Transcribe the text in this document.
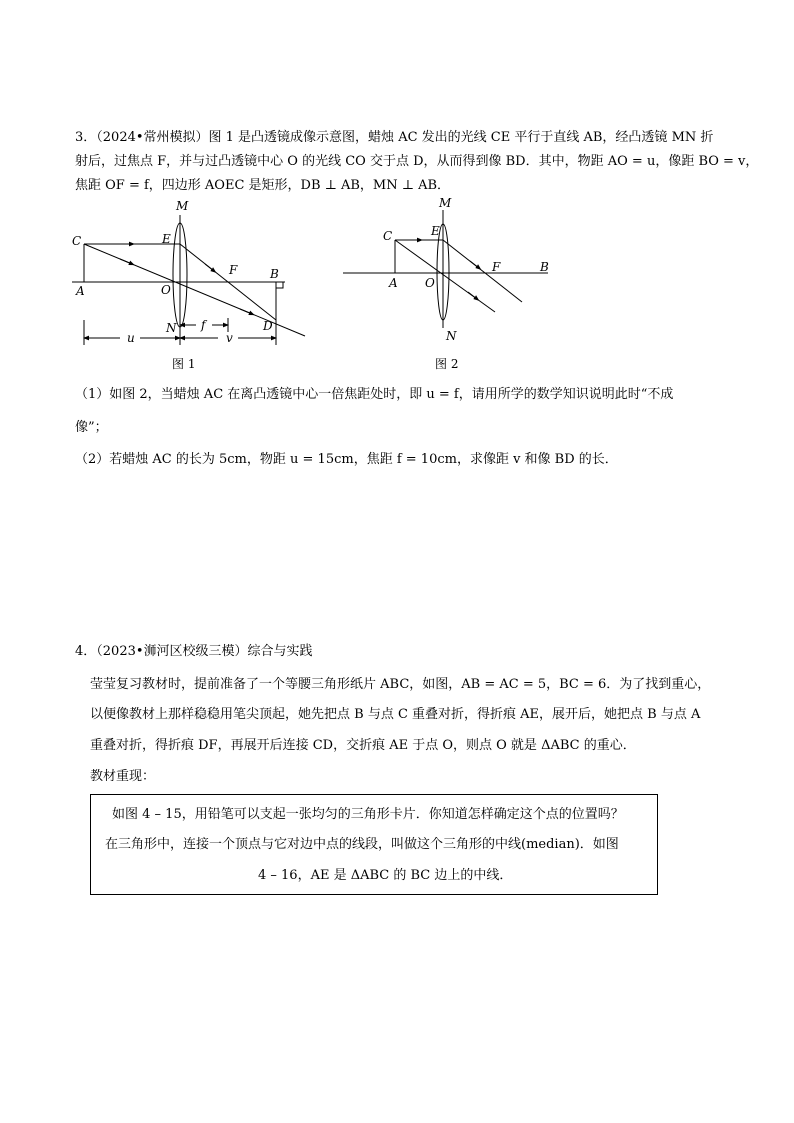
3．（2024•常州模拟）图 1 是凸透镜成像示意图，蜡烛 AC 发出的光线 CE 平行于直线 AB，经凸透镜 MN 折
射后，过焦点 F，并与过凸透镜中心 O 的光线 CO 交于点 D，从而得到像 BD．其中，物距 AO = u，像距 BO = v，
焦距 OF = f，四边形 AOEC 是矩形，DB ⊥ AB，MN ⊥ AB．
M
N
C	E
A	O
F	B
D
f
u	v
图 1
M
N
C	E
A O
F	B
图 2
（1）如图 2，当蜡烛 AC 在离凸透镜中心一倍焦距处时，即 u = f，请用所学的数学知识说明此时“不成
像”；
（2）若蜡烛 AC 的长为 5cm，物距 u = 15cm，焦距 f = 10cm，求像距 v 和像 BD 的长．
4．（2023•浉河区校级三模）综合与实践
莹莹复习教材时，提前准备了一个等腰三角形纸片 ABC，如图，AB = AC = 5，BC = 6．为了找到重心，
以便像教材上那样稳稳用笔尖顶起，她先把点 B 与点 C 重叠对折，得折痕 AE，展开后，她把点 B 与点 A
重叠对折，得折痕 DF，再展开后连接 CD，交折痕 AE 于点 O，则点 O 就是 ΔABC 的重心．
教材重现：
如图 4 – 15，用铅笔可以支起一张均匀的三角形卡片．你知道怎样确定这个点的位置吗？
在三角形中，连接一个顶点与它对边中点的线段，叫做这个三角形的中线(median)．如图
4 – 16，AE 是 ΔABC 的 BC 边上的中线．
